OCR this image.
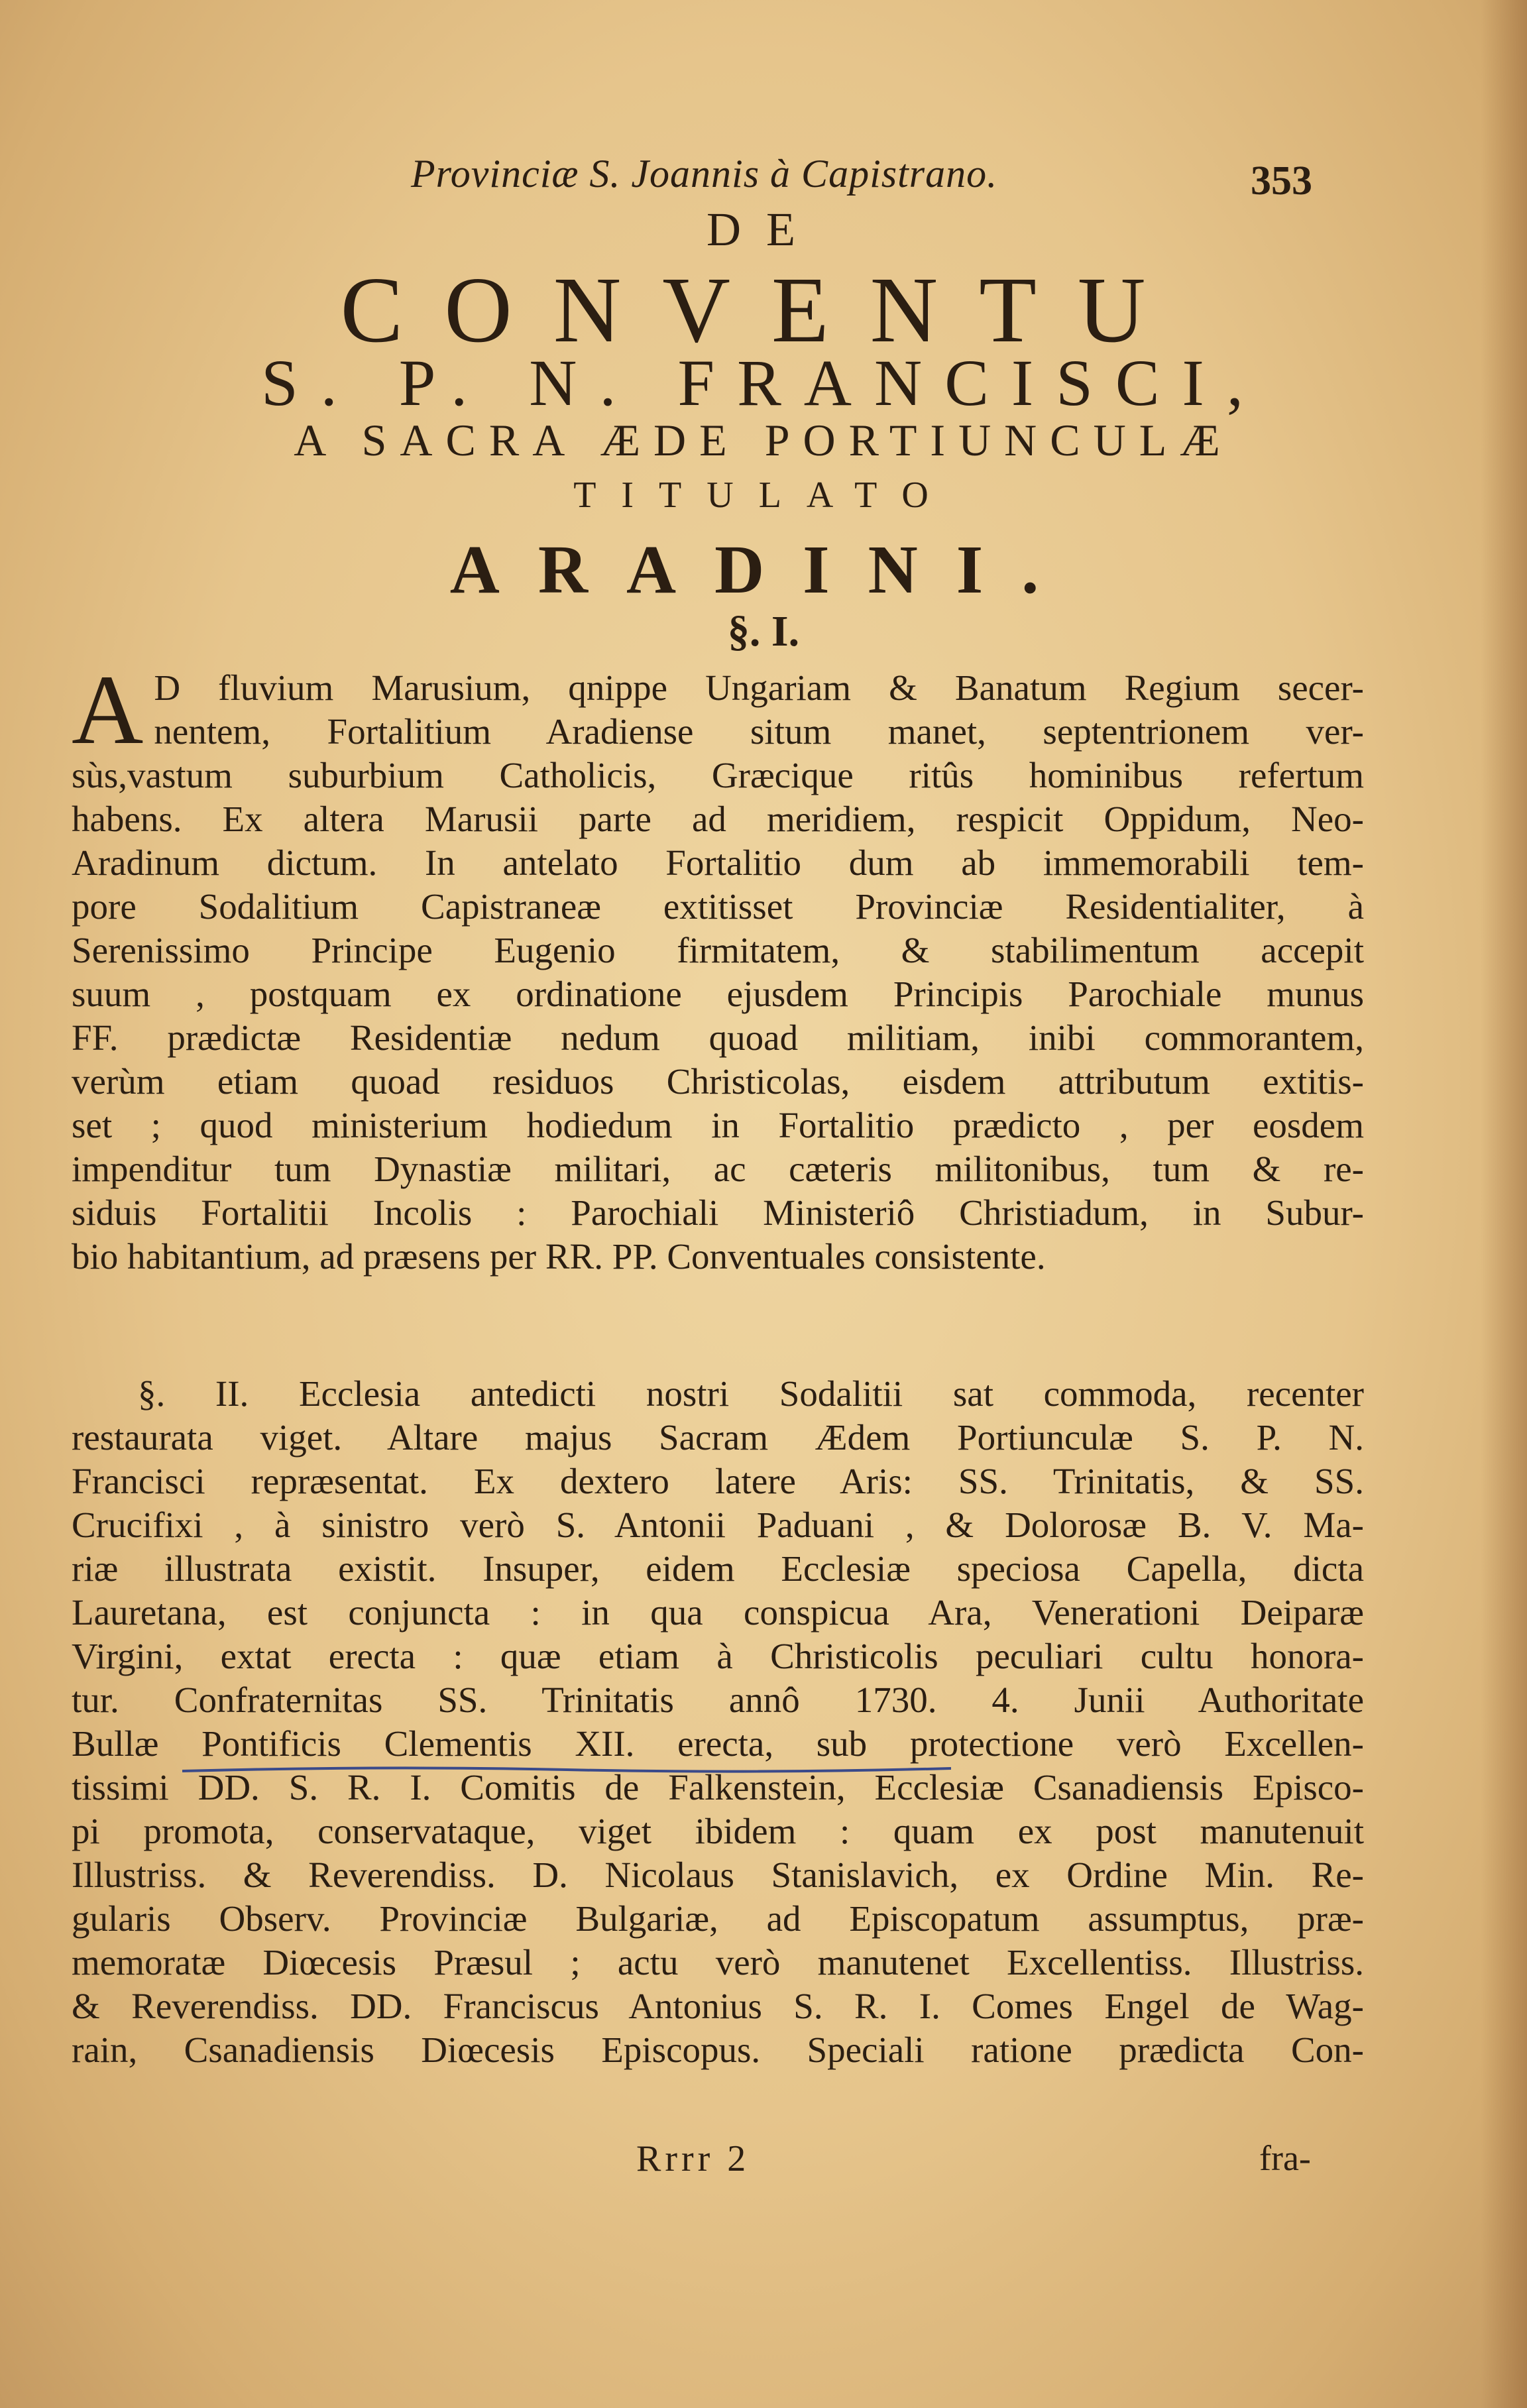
Provinciæ S. Joannis à Capistrano.	353
DE
CONVENTU
S. P. N. FRANCISCI,
A SACRA ÆDE PORTIUNCULÆ
TITULATO
ARADINI.
§. I.
A D fluvium Marusium, qnippe Ungariam & Banatum Regium secer-
nentem, Fortalitium Aradiense situm manet, septentrionem ver-
sùs,vastum suburbium Catholicis, Græcique ritûs hominibus refertum
habens. Ex altera Marusii parte ad meridiem, respicit Oppidum, Neo-
Aradinum dictum. In antelato Fortalitio dum ab immemorabili tem-
pore Sodalitium Capistraneæ extitisset Provinciæ Residentialiter, à
Serenissimo Principe Eugenio firmitatem, & stabilimentum accepit
suum , postquam ex ordinatione ejusdem Principis Parochiale munus
FF. prædictæ Residentiæ nedum quoad militiam, inibi commorantem,
verùm etiam quoad residuos Christicolas, eisdem attributum extitis-
set ; quod ministerium hodiedum in Fortalitio prædicto , per eosdem
impenditur tum Dynastiæ militari, ac cæteris militonibus, tum & re-
siduis Fortalitii Incolis : Parochiali Ministeriô Christiadum, in Subur-
bio habitantium, ad præsens per RR. PP. Conventuales consistente.
§. II. Ecclesia antedicti nostri Sodalitii sat commoda, recenter
restaurata viget. Altare majus Sacram Ædem Portiunculæ S. P. N.
Francisci repræsentat. Ex dextero latere Aris: SS. Trinitatis, & SS.
Crucifixi , à sinistro verò S. Antonii Paduani , & Dolorosæ B. V. Ma-
riæ illustrata existit. Insuper, eidem Ecclesiæ speciosa Capella, dicta
Lauretana, est conjuncta : in qua conspicua Ara, Venerationi Deiparæ
Virgini, extat erecta : quæ etiam à Christicolis peculiari cultu honora-
tur. Confraternitas SS. Trinitatis annô 1730. 4. Junii Authoritate
Bullæ Pontificis Clementis XII. erecta, sub protectione verò Excellen-
tissimi DD. S. R. I. Comitis de Falkenstein, Ecclesiæ Csanadiensis Episco-
pi promota, conservataque, viget ibidem : quam ex post manutenuit
Illustriss. & Reverendiss. D. Nicolaus Stanislavich, ex Ordine Min. Re-
gularis Observ. Provinciæ Bulgariæ, ad Episcopatum assumptus, præ-
memoratæ Diœcesis Præsul ; actu verò manutenet Excellentiss. Illustriss.
& Reverendiss. DD. Franciscus Antonius S. R. I. Comes Engel de Wag-
rain, Csanadiensis Diœcesis Episcopus. Speciali ratione prædicta Con-
Rrrr 2	fra-
